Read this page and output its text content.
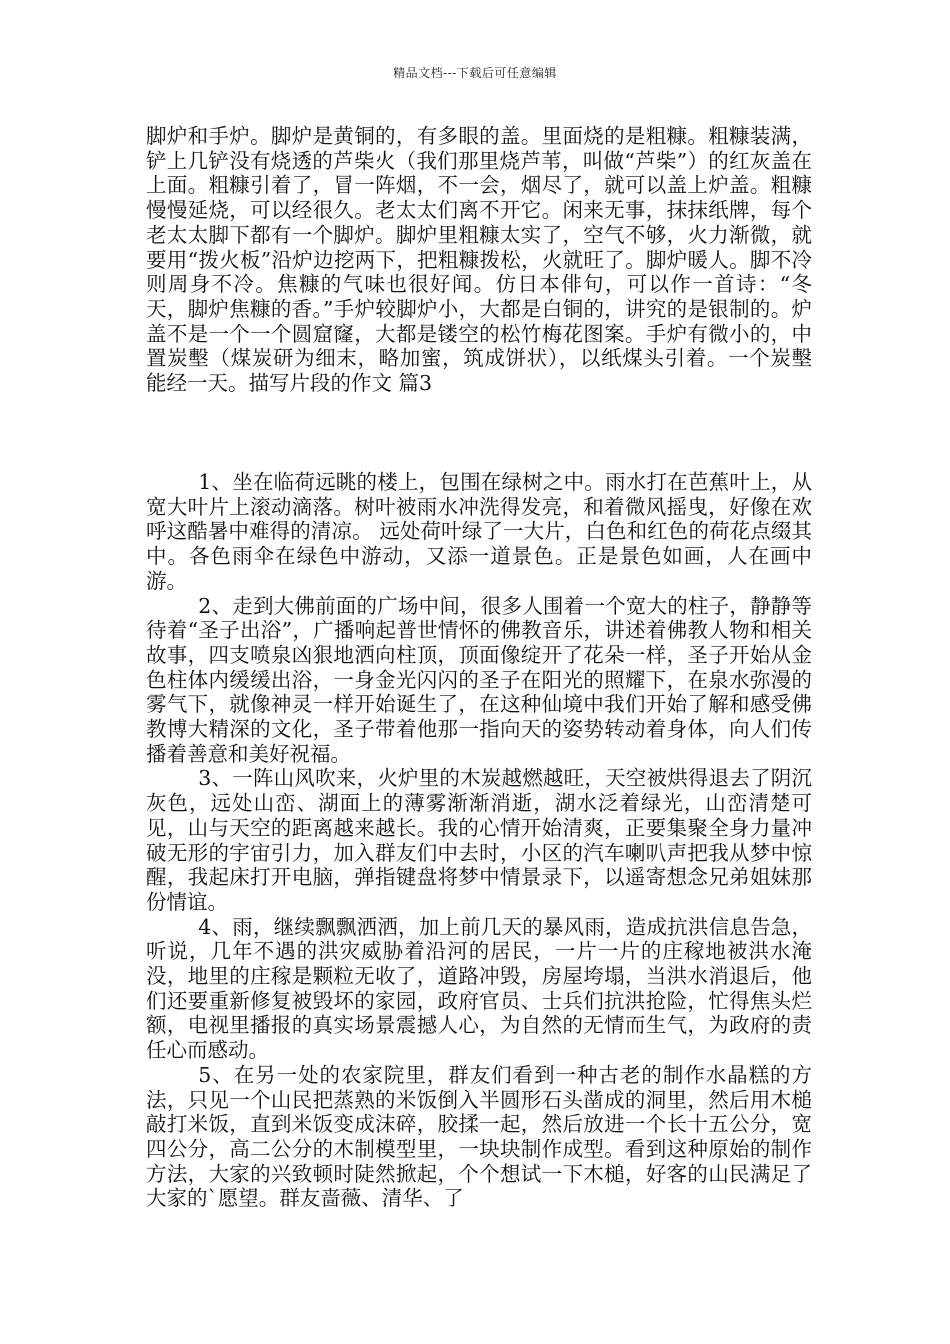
精品文档---下载后可任意编辑

脚炉和手炉。脚炉是黄铜的，有多眼的盖。里面烧的是粗糠。粗糠装满，铲上几铲没有烧透的芦柴火（我们那里烧芦苇，叫做“芦柴”）的红灰盖在上面。粗糠引着了，冒一阵烟，不一会，烟尽了，就可以盖上炉盖。粗糠慢慢延烧，可以经很久。老太太们离不开它。闲来无事，抹抹纸牌，每个老太太脚下都有一个脚炉。脚炉里粗糠太实了，空气不够，火力渐微，就要用“拨火板”沿炉边挖两下，把粗糠拨松，火就旺了。脚炉暖人。脚不冷则周身不冷。焦糠的气味也很好闻。仿日本俳句，可以作一首诗：“冬天，脚炉焦糠的香。”手炉较脚炉小，大都是白铜的，讲究的是银制的。炉盖不是一个一个圆窟窿，大都是镂空的松竹梅花图案。手炉有微小的，中置炭墼（煤炭研为细末，略加蜜，筑成饼状），以纸煤头引着。一个炭墼能经一天。描写片段的作文 篇3

1、坐在临荷远眺的楼上，包围在绿树之中。雨水打在芭蕉叶上，从宽大叶片上滚动滴落。树叶被雨水冲洗得发亮，和着微风摇曳，好像在欢呼这酷暑中难得的清凉。 远处荷叶绿了一大片，白色和红色的荷花点缀其中。各色雨伞在绿色中游动，又添一道景色。正是景色如画，人在画中游。

2、走到大佛前面的广场中间，很多人围着一个宽大的柱子，静静等待着“圣子出浴”，广播响起普世情怀的佛教音乐，讲述着佛教人物和相关故事，四支喷泉凶狠地洒向柱顶，顶面像绽开了花朵一样，圣子开始从金色柱体内缓缓出浴，一身金光闪闪的圣子在阳光的照耀下，在泉水弥漫的雾气下，就像神灵一样开始诞生了，在这种仙境中我们开始了解和感受佛教博大精深的文化，圣子带着他那一指向天的姿势转动着身体，向人们传播着善意和美好祝福。

3、一阵山风吹来，火炉里的木炭越燃越旺，天空被烘得退去了阴沉灰色，远处山峦、湖面上的薄雾渐渐消逝，湖水泛着绿光，山峦清楚可见，山与天空的距离越来越长。我的心情开始清爽，正要集聚全身力量冲破无形的宇宙引力，加入群友们中去时，小区的汽车喇叭声把我从梦中惊醒，我起床打开电脑，弹指键盘将梦中情景录下，以遥寄想念兄弟姐妹那份情谊。

4、雨，继续飘飘洒洒，加上前几天的暴风雨，造成抗洪信息告急，听说，几年不遇的洪灾威胁着沿河的居民，一片一片的庄稼地被洪水淹没，地里的庄稼是颗粒无收了，道路冲毁，房屋垮塌，当洪水消退后，他们还要重新修复被毁坏的家园，政府官员、士兵们抗洪抢险，忙得焦头烂额，电视里播报的真实场景震撼人心，为自然的无情而生气，为政府的责任心而感动。

5、在另一处的农家院里，群友们看到一种古老的制作水晶糕的方法，只见一个山民把蒸熟的米饭倒入半圆形石头凿成的洞里，然后用木槌敲打米饭，直到米饭变成沫碎，胶揉一起，然后放进一个长十五公分，宽四公分，高二公分的木制模型里，一块块制作成型。看到这种原始的制作方法，大家的兴致顿时陡然掀起，个个想试一下木槌，好客的山民满足了大家的`愿望。群友啬薇、清华、了
